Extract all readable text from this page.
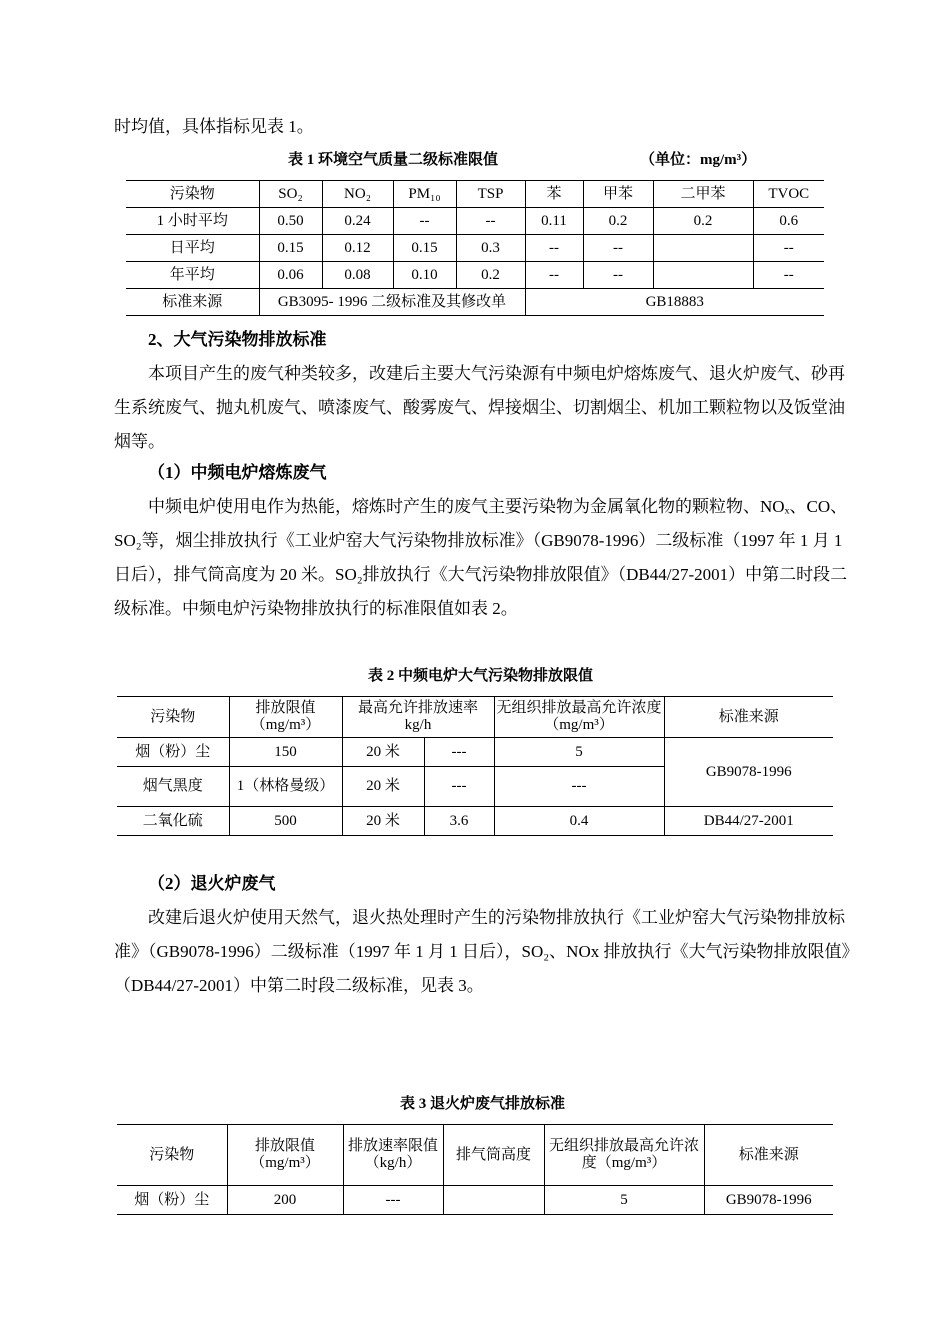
时均值，具体指标见表 1。

表 1 环境空气质量二级标准限值	（单位：mg/m³）

污染物	SO₂	NO₂	PM₁₀	TSP	苯	甲苯	二甲苯	TVOC
1 小时平均	0.50	0.24	--	--	0.11	0.2	0.2	0.6
日平均	0.15	0.12	0.15	0.3	--	--		--
年平均	0.06	0.08	0.10	0.2	--	--		--
标准来源	GB3095- 1996 二级标准及其修改单				GB18883			

2、大气污染物排放标准

本项目产生的废气种类较多，改建后主要大气污染源有中频电炉熔炼废气、退火炉废气、砂再生系统废气、抛丸机废气、喷漆废气、酸雾废气、焊接烟尘、切割烟尘、机加工颗粒物以及饭堂油烟等。

（1）中频电炉熔炼废气

中频电炉使用电作为热能，熔炼时产生的废气主要污染物为金属氧化物的颗粒物、NOₓ、CO、SO₂等，烟尘排放执行《工业炉窑大气污染物排放标准》（GB9078-1996）二级标准（1997 年 1 月 1 日后），排气筒高度为 20 米。SO₂排放执行《大气污染物排放限值》（DB44/27-2001）中第二时段二级标准。中频电炉污染物排放执行的标准限值如表 2。

表 2 中频电炉大气污染物排放限值

污染物	排放限值（mg/m³）	最高允许排放速率 kg/h		无组织排放最高允许浓度（mg/m³）	标准来源
烟（粉）尘	150	20 米	---	5	GB9078-1996
烟气黑度	1（林格曼级）	20 米	---	---	
二氧化硫	500	20 米	3.6	0.4	DB44/27-2001

（2）退火炉废气

改建后退火炉使用天然气，退火热处理时产生的污染物排放执行《工业炉窑大气污染物排放标准》（GB9078-1996）二级标准（1997 年 1 月 1 日后），SO₂、NOx 排放执行《大气污染物排放限值》（DB44/27-2001）中第二时段二级标准，见表 3。

表 3 退火炉废气排放标准

污染物	排放限值（mg/m³）	排放速率限值（kg/h）	排气筒高度	无组织排放最高允许浓度（mg/m³）	标准来源
烟（粉）尘	200	---		5	GB9078-1996
